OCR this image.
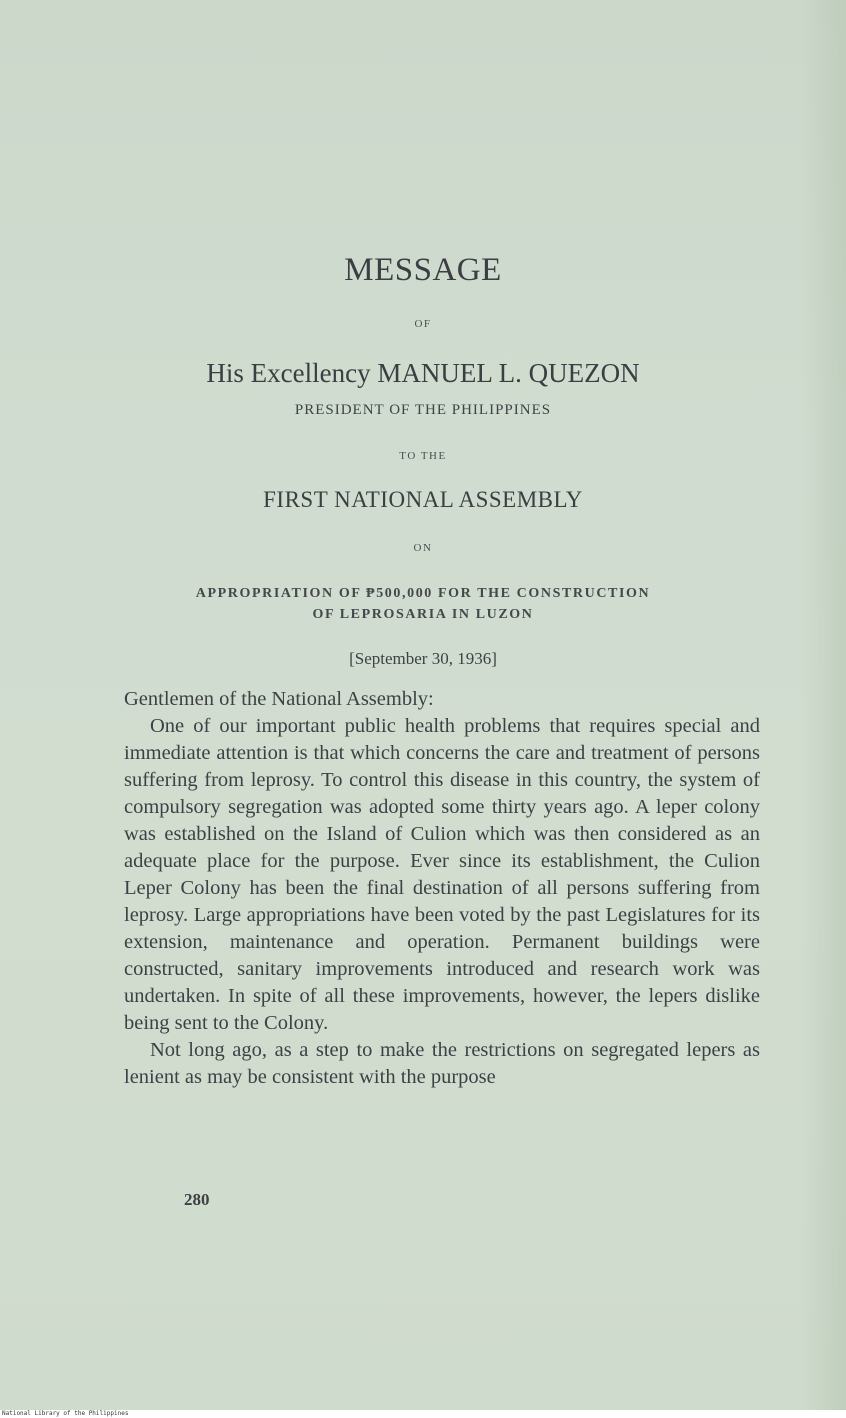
MESSAGE

OF

His Excellency MANUEL L. QUEZON

PRESIDENT OF THE PHILIPPINES

TO THE

FIRST NATIONAL ASSEMBLY

ON

APPROPRIATION OF ₱500,000 FOR THE CONSTRUCTION
OF LEPROSARIA IN LUZON

[September 30, 1936]

Gentlemen of the National Assembly:

One of our important public health problems that requires special and immediate attention is that which concerns the care and treatment of persons suffering from leprosy. To control this disease in this country, the system of compulsory segregation was adopted some thirty years ago. A leper colony was established on the Island of Culion which was then considered as an adequate place for the purpose. Ever since its establishment, the Culion Leper Colony has been the final destination of all persons suffering from leprosy. Large appropriations have been voted by the past Legislatures for its extension, maintenance and operation. Permanent buildings were constructed, sanitary improvements introduced and research work was undertaken. In spite of all these improvements, however, the lepers dislike being sent to the Colony.

Not long ago, as a step to make the restrictions on segregated lepers as lenient as may be consistent with the purpose

280
National Library of the Philippines
